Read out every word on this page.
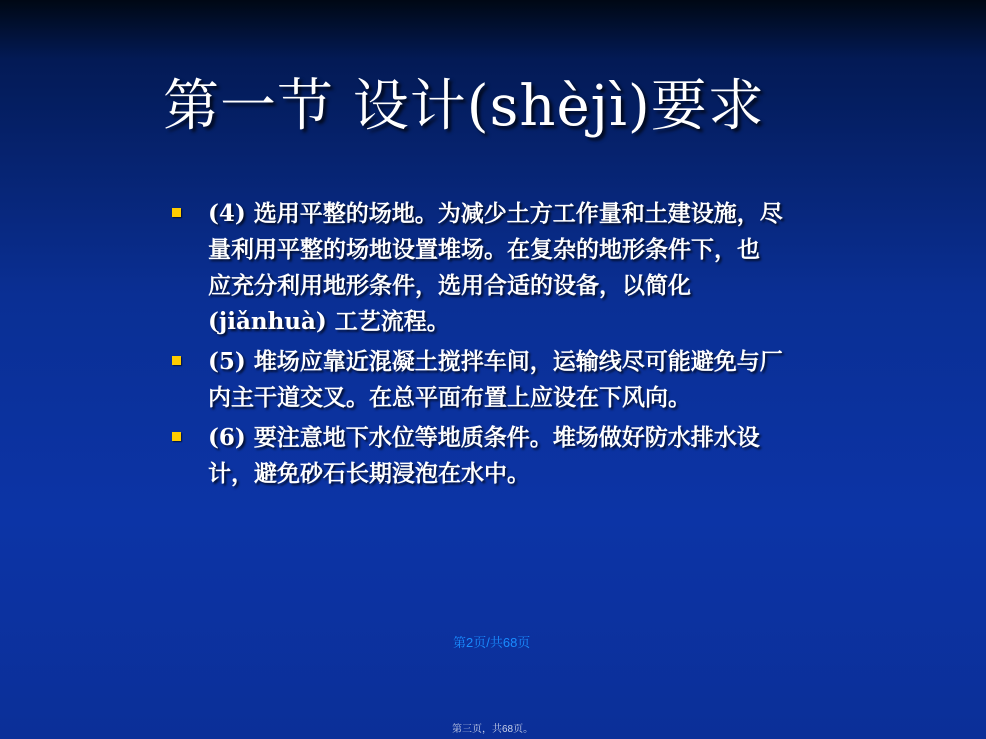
第一节 设计(shèjì)要求
(4) 选用平整的场地。为减少土方工作量和土建设施，尽
量利用平整的场地设置堆场。在复杂的地形条件下，也
应充分利用地形条件，选用合适的设备，以简化
(jiǎnhuà) 工艺流程。
(5) 堆场应靠近混凝土搅拌车间，运输线尽可能避免与厂
内主干道交叉。在总平面布置上应设在下风向。
(6) 要注意地下水位等地质条件。堆场做好防水排水设
计，避免砂石长期浸泡在水中。
第2页/共68页
第三页，共68页。
